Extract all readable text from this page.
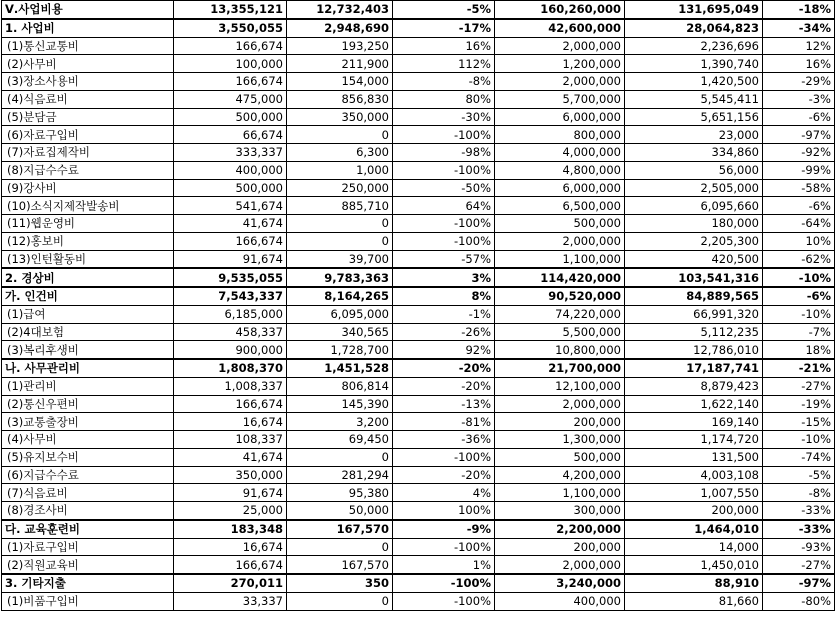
Ⅴ.사업비용	13,355,121	12,732,403	-5%	160,260,000	131,695,049	-18%
1. 사업비	3,550,055	2,948,690	-17%	42,600,000	28,064,823	-34%
(1)통신교통비	166,674	193,250	16%	2,000,000	2,236,696	12%
(2)사무비	100,000	211,900	112%	1,200,000	1,390,740	16%
(3)장소사용비	166,674	154,000	-8%	2,000,000	1,420,500	-29%
(4)식음료비	475,000	856,830	80%	5,700,000	5,545,411	-3%
(5)분담금	500,000	350,000	-30%	6,000,000	5,651,156	-6%
(6)자료구입비	66,674	0	-100%	800,000	23,000	-97%
(7)자료집제작비	333,337	6,300	-98%	4,000,000	334,860	-92%
(8)지급수수료	400,000	1,000	-100%	4,800,000	56,000	-99%
(9)강사비	500,000	250,000	-50%	6,000,000	2,505,000	-58%
(10)소식지제작발송비	541,674	885,710	64%	6,500,000	6,095,660	-6%
(11)웹운영비	41,674	0	-100%	500,000	180,000	-64%
(12)홍보비	166,674	0	-100%	2,000,000	2,205,300	10%
(13)인턴활동비	91,674	39,700	-57%	1,100,000	420,500	-62%
2. 경상비	9,535,055	9,783,363	3%	114,420,000	103,541,316	-10%
가. 인건비	7,543,337	8,164,265	8%	90,520,000	84,889,565	-6%
(1)급여	6,185,000	6,095,000	-1%	74,220,000	66,991,320	-10%
(2)4대보험	458,337	340,565	-26%	5,500,000	5,112,235	-7%
(3)복리후생비	900,000	1,728,700	92%	10,800,000	12,786,010	18%
나. 사무관리비	1,808,370	1,451,528	-20%	21,700,000	17,187,741	-21%
(1)관리비	1,008,337	806,814	-20%	12,100,000	8,879,423	-27%
(2)통신우편비	166,674	145,390	-13%	2,000,000	1,622,140	-19%
(3)교통출장비	16,674	3,200	-81%	200,000	169,140	-15%
(4)사무비	108,337	69,450	-36%	1,300,000	1,174,720	-10%
(5)유지보수비	41,674	0	-100%	500,000	131,500	-74%
(6)지급수수료	350,000	281,294	-20%	4,200,000	4,003,108	-5%
(7)식음료비	91,674	95,380	4%	1,100,000	1,007,550	-8%
(8)경조사비	25,000	50,000	100%	300,000	200,000	-33%
다. 교육훈련비	183,348	167,570	-9%	2,200,000	1,464,010	-33%
(1)자료구입비	16,674	0	-100%	200,000	14,000	-93%
(2)직원교육비	166,674	167,570	1%	2,000,000	1,450,010	-27%
3. 기타지출	270,011	350	-100%	3,240,000	88,910	-97%
(1)비품구입비	33,337	0	-100%	400,000	81,660	-80%
